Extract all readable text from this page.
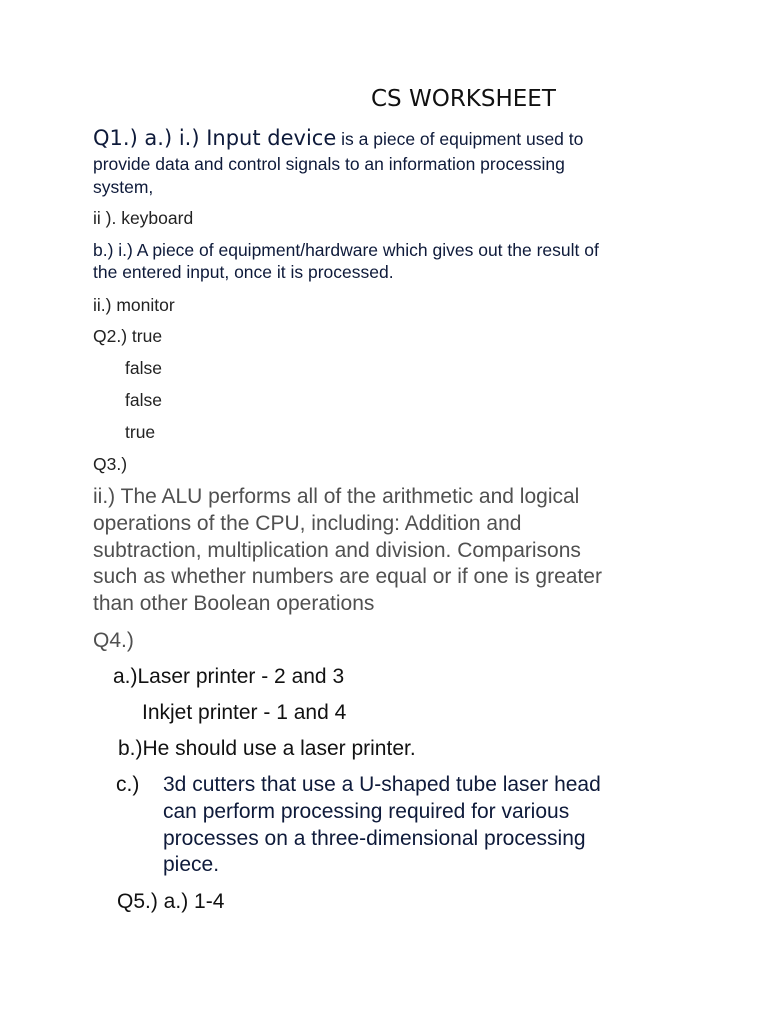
CS WORKSHEET
Q1.) a.) i.) Input device is a piece of equipment used to
provide data and control signals to an information processing
system,
ii ). keyboard
b.) i.) A piece of equipment/hardware which gives out the result of
the entered input, once it is processed.
ii.) monitor
Q2.) true
false
false
true
Q3.)
ii.) The ALU performs all of the arithmetic and logical
operations of the CPU, including: Addition and
subtraction, multiplication and division. Comparisons
such as whether numbers are equal or if one is greater
than other Boolean operations
Q4.)
a.)Laser printer - 2 and 3
Inkjet printer - 1 and 4
b.)He should use a laser printer.
c.) 3d cutters that use a U-shaped tube laser head
can perform processing required for various
processes on a three-dimensional processing
piece.
Q5.) a.) 1-4
